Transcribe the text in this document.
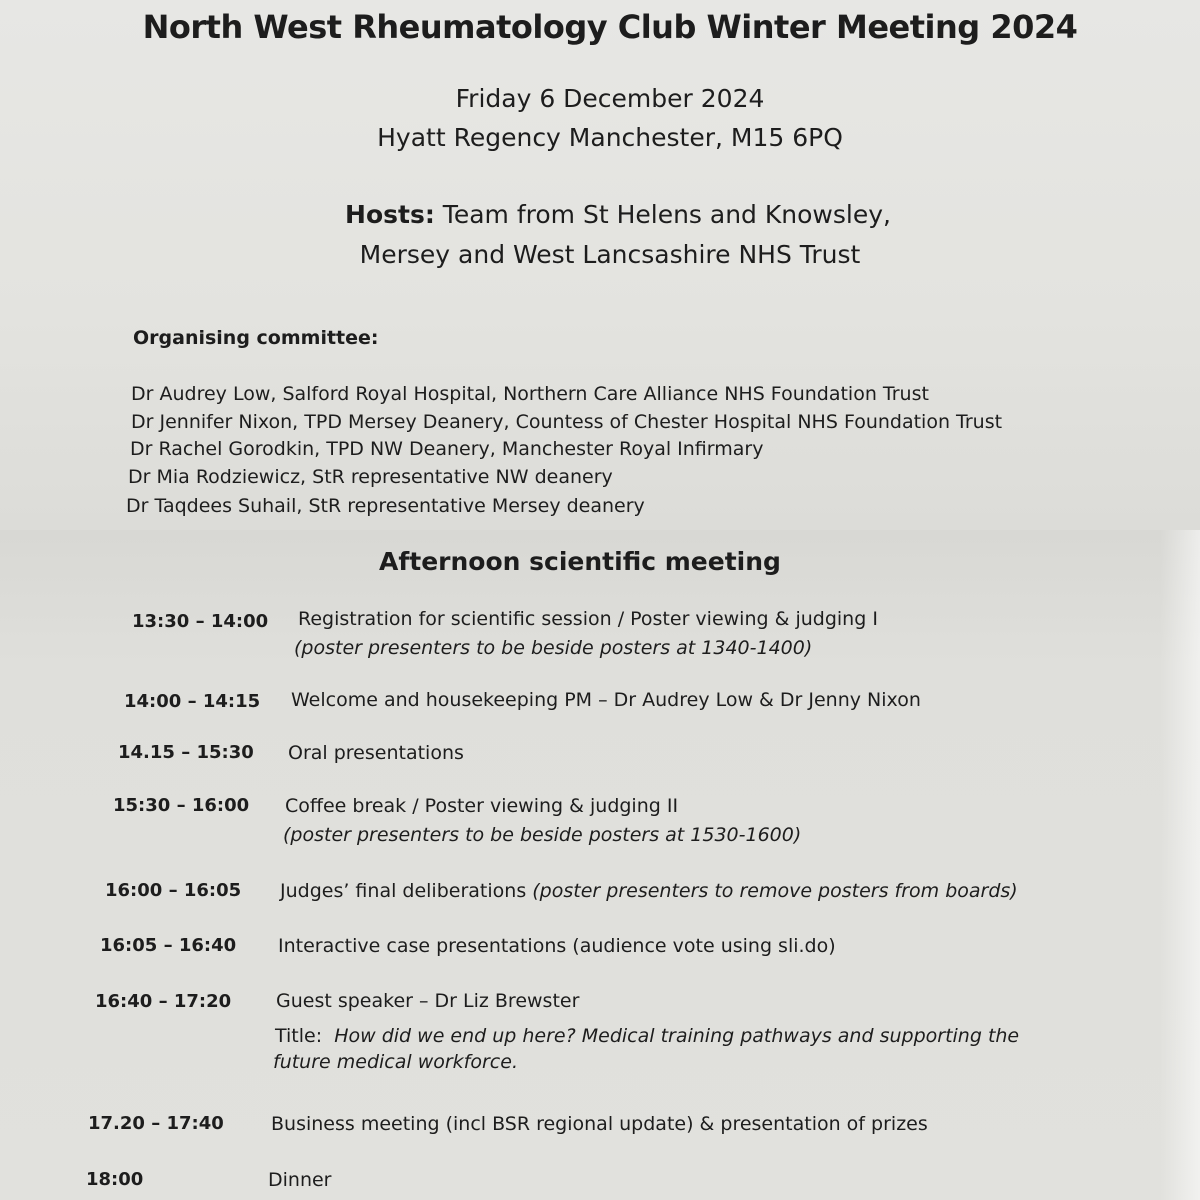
North West Rheumatology Club Winter Meeting 2024
Friday 6 December 2024
Hyatt Regency Manchester, M15 6PQ
Hosts: Team from St Helens and Knowsley,
Mersey and West Lancsashire NHS Trust
Organising committee:
Dr Audrey Low, Salford Royal Hospital, Northern Care Alliance NHS Foundation Trust
Dr Jennifer Nixon, TPD Mersey Deanery, Countess of Chester Hospital NHS Foundation Trust
Dr Rachel Gorodkin, TPD NW Deanery, Manchester Royal Infirmary
Dr Mia Rodziewicz, StR representative NW deanery
Dr Taqdees Suhail, StR representative Mersey deanery
Afternoon scientific meeting
13:30 – 14:00 Registration for scientific session / Poster viewing & judging I
(poster presenters to be beside posters at 1340-1400)
14:00 – 14:15 Welcome and housekeeping PM – Dr Audrey Low & Dr Jenny Nixon
14.15 – 15:30 Oral presentations
15:30 – 16:00 Coffee break / Poster viewing & judging II
(poster presenters to be beside posters at 1530-1600)
16:00 – 16:05 Judges’ final deliberations (poster presenters to remove posters from boards)
16:05 – 16:40 Interactive case presentations (audience vote using sli.do)
16:40 – 17:20 Guest speaker – Dr Liz Brewster
Title: How did we end up here? Medical training pathways and supporting the
future medical workforce.
17.20 – 17:40 Business meeting (incl BSR regional update) & presentation of prizes
18:00	Dinner
